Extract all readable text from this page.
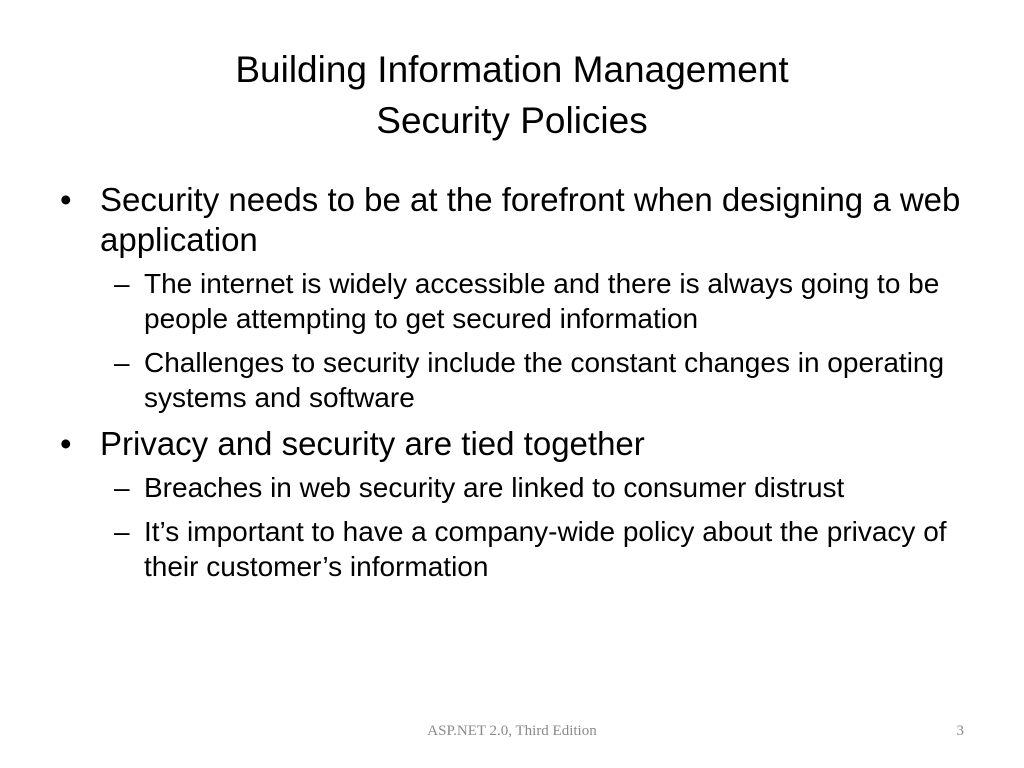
Building Information Management
Security Policies
• Security needs to be at the forefront when designing a web application
– The internet is widely accessible and there is always going to be people attempting to get secured information
– Challenges to security include the constant changes in operating systems and software
• Privacy and security are tied together
– Breaches in web security are linked to consumer distrust
– It’s important to have a company-wide policy about the privacy of their customer’s information
ASP.NET 2.0, Third Edition	3
